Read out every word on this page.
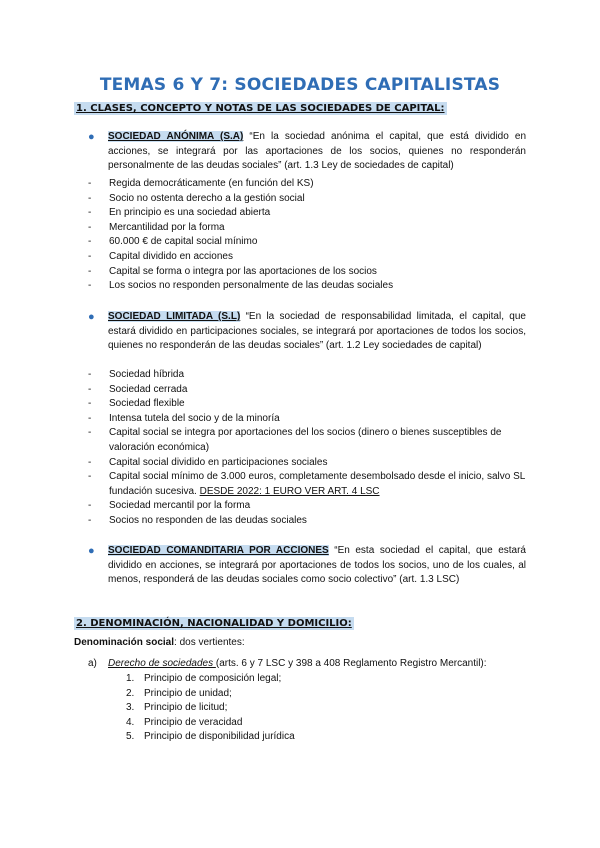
TEMAS 6 Y 7: SOCIEDADES CAPITALISTAS
1. CLASES, CONCEPTO Y NOTAS DE LAS SOCIEDADES DE CAPITAL:
● SOCIEDAD ANÓNIMA (S.A) “En la sociedad anónima el capital, que está dividido en acciones, se integrará por las aportaciones de los socios, quienes no responderán personalmente de las deudas sociales” (art. 1.3 Ley de sociedades de capital)
- Regida democráticamente (en función del KS)
- Socio no ostenta derecho a la gestión social
- En principio es una sociedad abierta
- Mercantilidad por la forma
- 60.000 € de capital social mínimo
- Capital dividido en acciones
- Capital se forma o integra por las aportaciones de los socios
- Los socios no responden personalmente de las deudas sociales
● SOCIEDAD LIMITADA (S.L) “En la sociedad de responsabilidad limitada, el capital, que estará dividido en participaciones sociales, se integrará por aportaciones de todos los socios, quienes no responderán de las deudas sociales” (art. 1.2 Ley sociedades de capital)
- Sociedad híbrida
- Sociedad cerrada
- Sociedad flexible
- Intensa tutela del socio y de la minoría
- Capital social se integra por aportaciones del los socios (dinero o bienes susceptibles de valoración económica)
- Capital social dividido en participaciones sociales
- Capital social mínimo de 3.000 euros, completamente desembolsado desde el inicio, salvo SL fundación sucesiva. DESDE 2022: 1 EURO VER ART. 4 LSC
- Sociedad mercantil por la forma
- Socios no responden de las deudas sociales
● SOCIEDAD COMANDITARIA POR ACCIONES “En esta sociedad el capital, que estará dividido en acciones, se integrará por aportaciones de todos los socios, uno de los cuales, al menos, responderá de las deudas sociales como socio colectivo” (art. 1.3 LSC)
2. DENOMINACIÓN, NACIONALIDAD Y DOMICILIO:
Denominación social: dos vertientes:
a)	Derecho de sociedades (arts. 6 y 7 LSC y 398 a 408 Reglamento Registro Mercantil):
1. Principio de composición legal;
2. Principio de unidad;
3. Principio de licitud;
4. Principio de veracidad
5. Principio de disponibilidad jurídica
